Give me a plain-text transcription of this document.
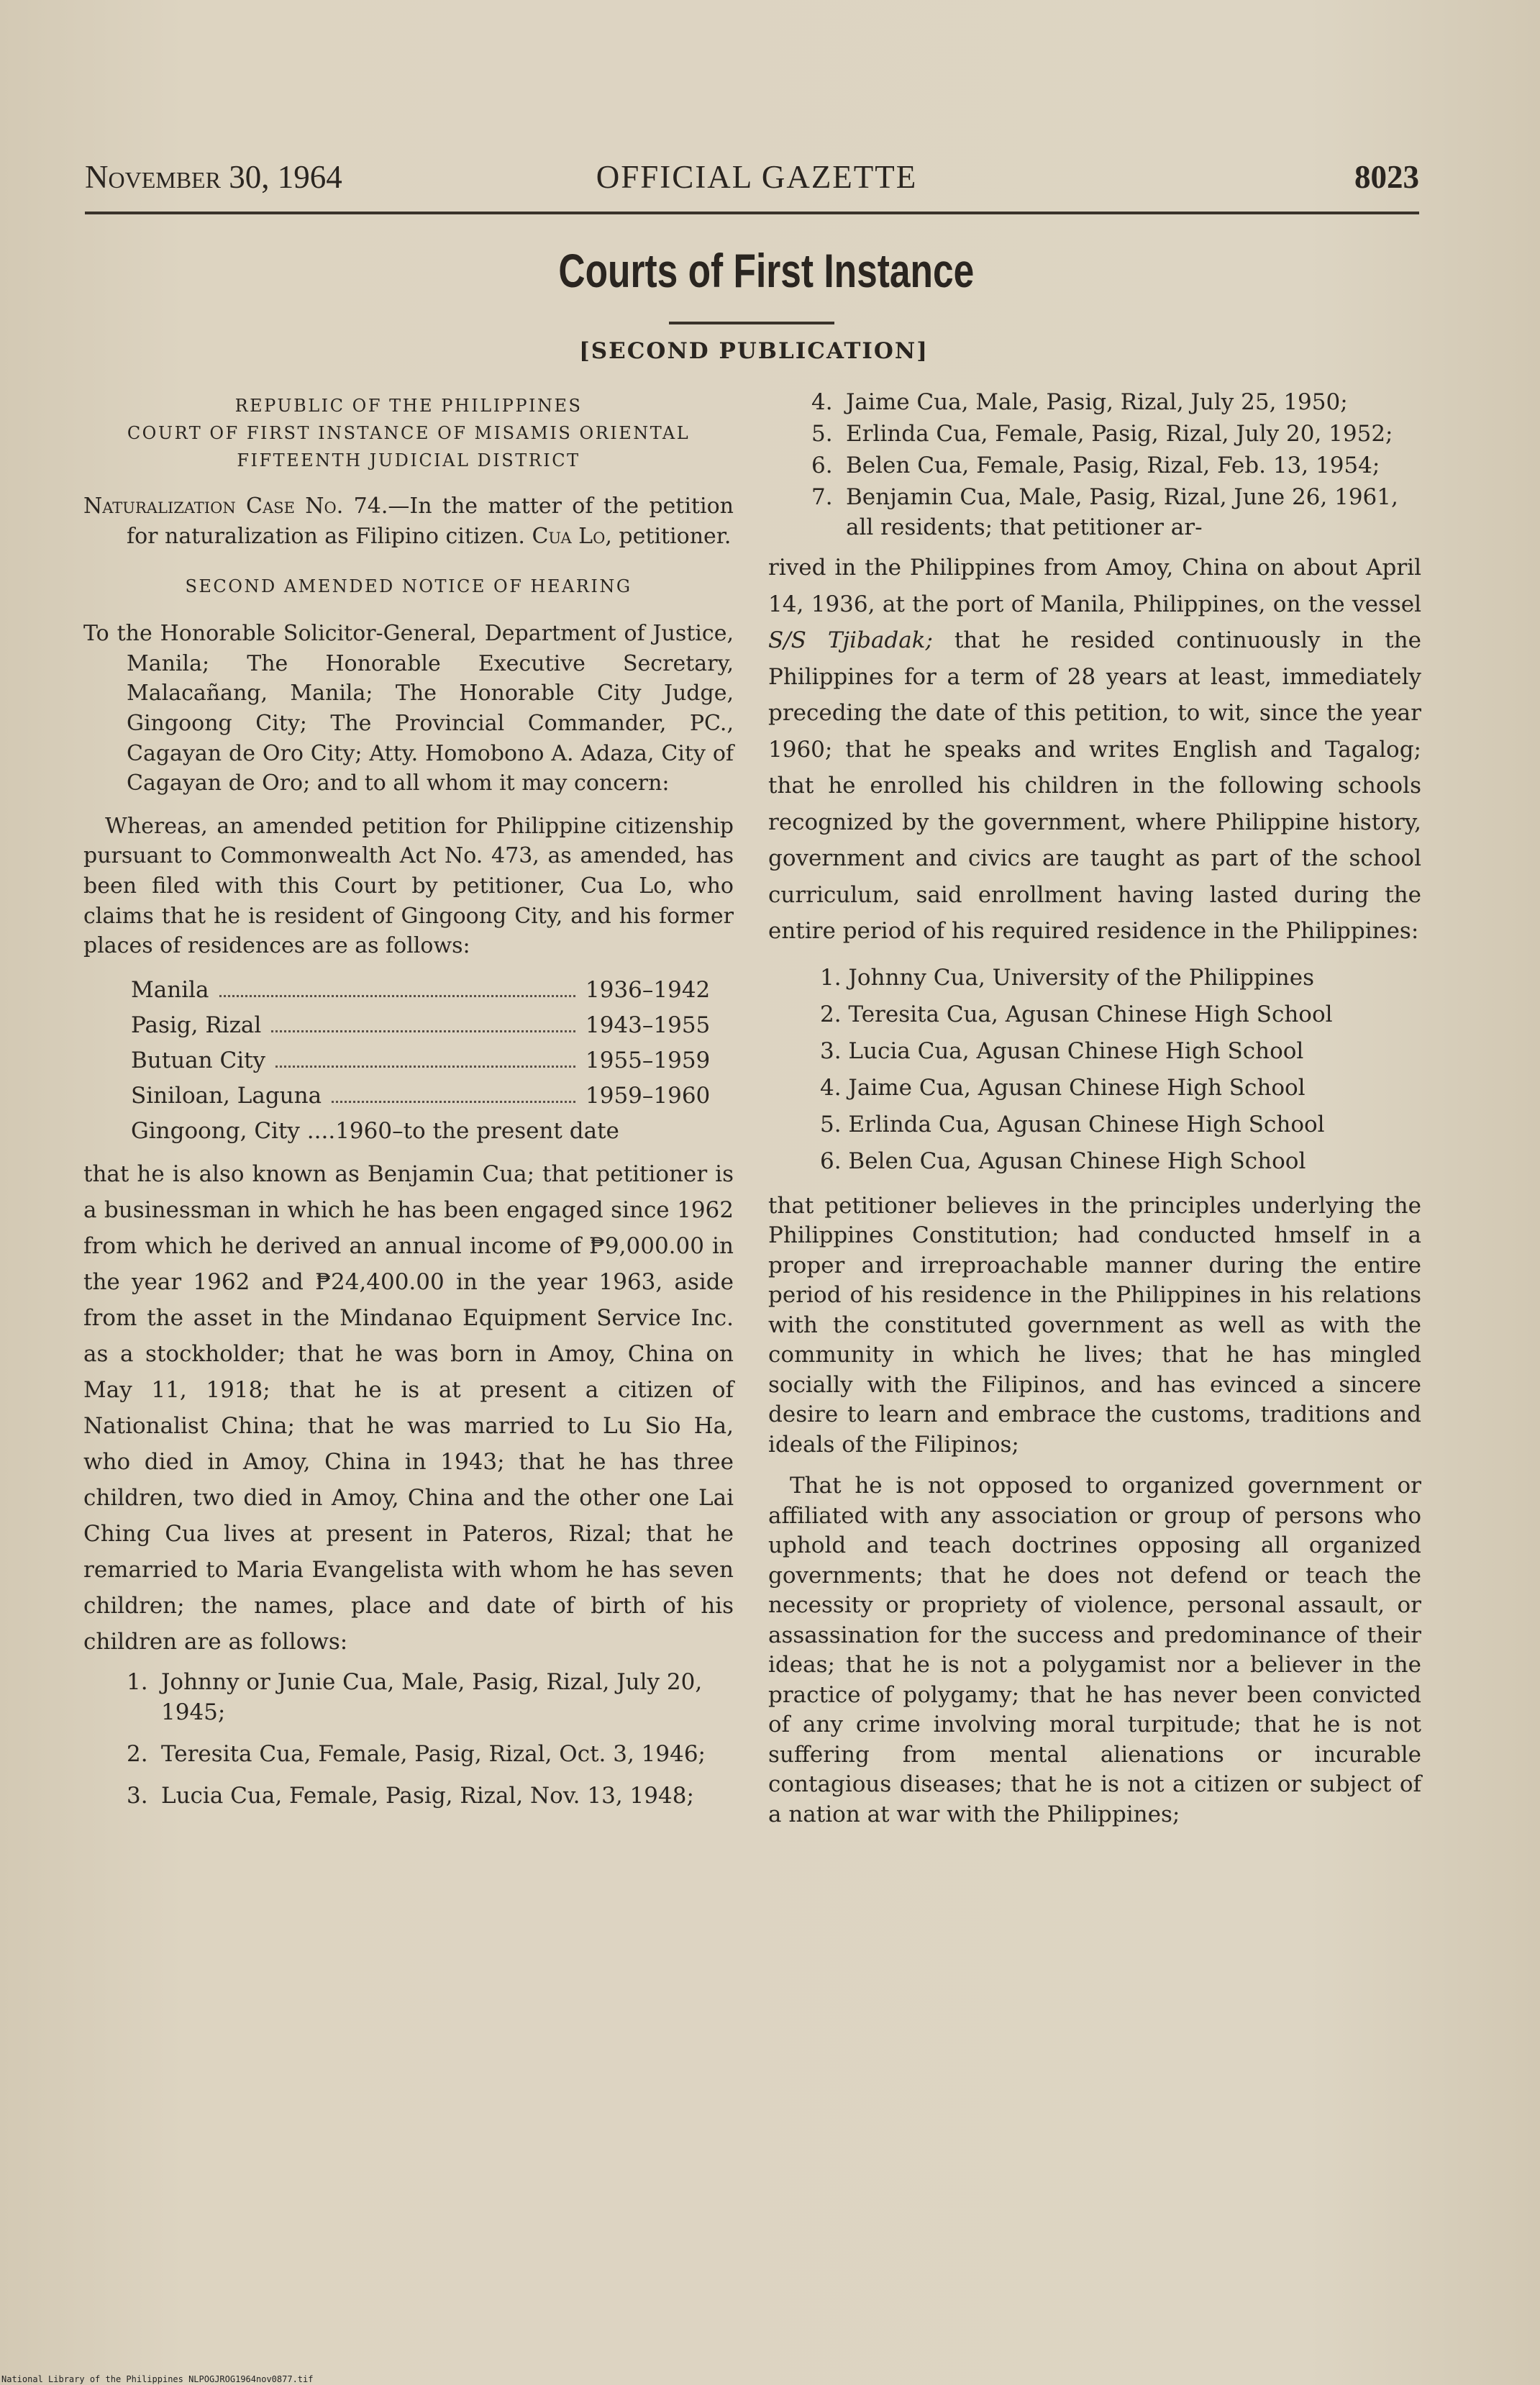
November 30, 1964	OFFICIAL GAZETTE	8023
Courts of First Instance
[SECOND PUBLICATION]
REPUBLIC OF THE PHILIPPINES
COURT OF FIRST INSTANCE OF MISAMIS ORIENTAL
FIFTEENTH JUDICIAL DISTRICT

Naturalization Case No. 74.—In the matter of the petition for naturalization as Filipino citizen. Cua Lo, petitioner.

SECOND AMENDED NOTICE OF HEARING

To the Honorable Solicitor-General, Department of Justice, Manila; The Honorable Executive Secretary, Malacañang, Manila; The Honorable City Judge, Gingoong City; The Provincial Commander, PC., Cagayan de Oro City; Atty. Homobono A. Adaza, City of Cagayan de Oro; and to all whom it may concern:

Whereas, an amended petition for Philippine citizenship pursuant to Commonwealth Act No. 473, as amended, has been filed with this Court by petitioner, Cua Lo, who claims that he is resident of Gingoong City, and his former places of residences are as follows:

Manila	1936–1942
Pasig, Rizal	1943–1955
Butuan City	1955–1959
Siniloan, Laguna	1959–1960
Gingoong, City ....1960–to the present date

that he is also known as Benjamin Cua; that petitioner is a businessman in which he has been engaged since 1962 from which he derived an annual income of ₱9,000.00 in the year 1962 and ₱24,400.00 in the year 1963, aside from the asset in the Mindanao Equipment Service Inc. as a stockholder; that he was born in Amoy, China on May 11, 1918; that he is at present a citizen of Nationalist China; that he was married to Lu Sio Ha, who died in Amoy, China in 1943; that he has three children, two died in Amoy, China and the other one Lai Ching Cua lives at present in Pateros, Rizal; that he remarried to Maria Evangelista with whom he has seven children; the names, place and date of birth of his children are as follows:

1. Johnny or Junie Cua, Male, Pasig, Rizal, July 20, 1945;

2. Teresita Cua, Female, Pasig, Rizal, Oct. 3, 1946;

3. Lucia Cua, Female, Pasig, Rizal, Nov. 13, 1948;

4. Jaime Cua, Male, Pasig, Rizal, July 25, 1950;

5. Erlinda Cua, Female, Pasig, Rizal, July 20, 1952;

6. Belen Cua, Female, Pasig, Rizal, Feb. 13, 1954;

7. Benjamin Cua, Male, Pasig, Rizal, June 26, 1961, all residents; that petitioner ar-

rived in the Philippines from Amoy, China on about April 14, 1936, at the port of Manila, Philippines, on the vessel S/S Tjibadak; that he resided continuously in the Philippines for a term of 28 years at least, immediately preceding the date of this petition, to wit, since the year 1960; that he speaks and writes English and Tagalog; that he enrolled his children in the following schools recognized by the government, where Philippine history, government and civics are taught as part of the school curriculum, said enrollment having lasted during the entire period of his required residence in the Philippines:

1. Johnny Cua, University of the Philippines
2. Teresita Cua, Agusan Chinese High School
3. Lucia Cua, Agusan Chinese High School
4. Jaime Cua, Agusan Chinese High School
5. Erlinda Cua, Agusan Chinese High School
6. Belen Cua, Agusan Chinese High School

that petitioner believes in the principles underlying the Philippines Constitution; had conducted hmself in a proper and irreproachable manner during the entire period of his residence in the Philippines in his relations with the constituted government as well as with the community in which he lives; that he has mingled socially with the Filipinos, and has evinced a sincere desire to learn and embrace the customs, traditions and ideals of the Filipinos;

That he is not opposed to organized government or affiliated with any association or group of persons who uphold and teach doctrines opposing all organized governments; that he does not defend or teach the necessity or propriety of violence, personal assault, or assassination for the success and predominance of their ideas; that he is not a polygamist nor a believer in the practice of polygamy; that he has never been convicted of any crime involving moral turpitude; that he is not suffering from mental alienations or incurable contagious diseases; that he is not a citizen or subject of a nation at war with the Philippines;

National Library of the Philippines NLPOGJROG1964nov0877.tif
